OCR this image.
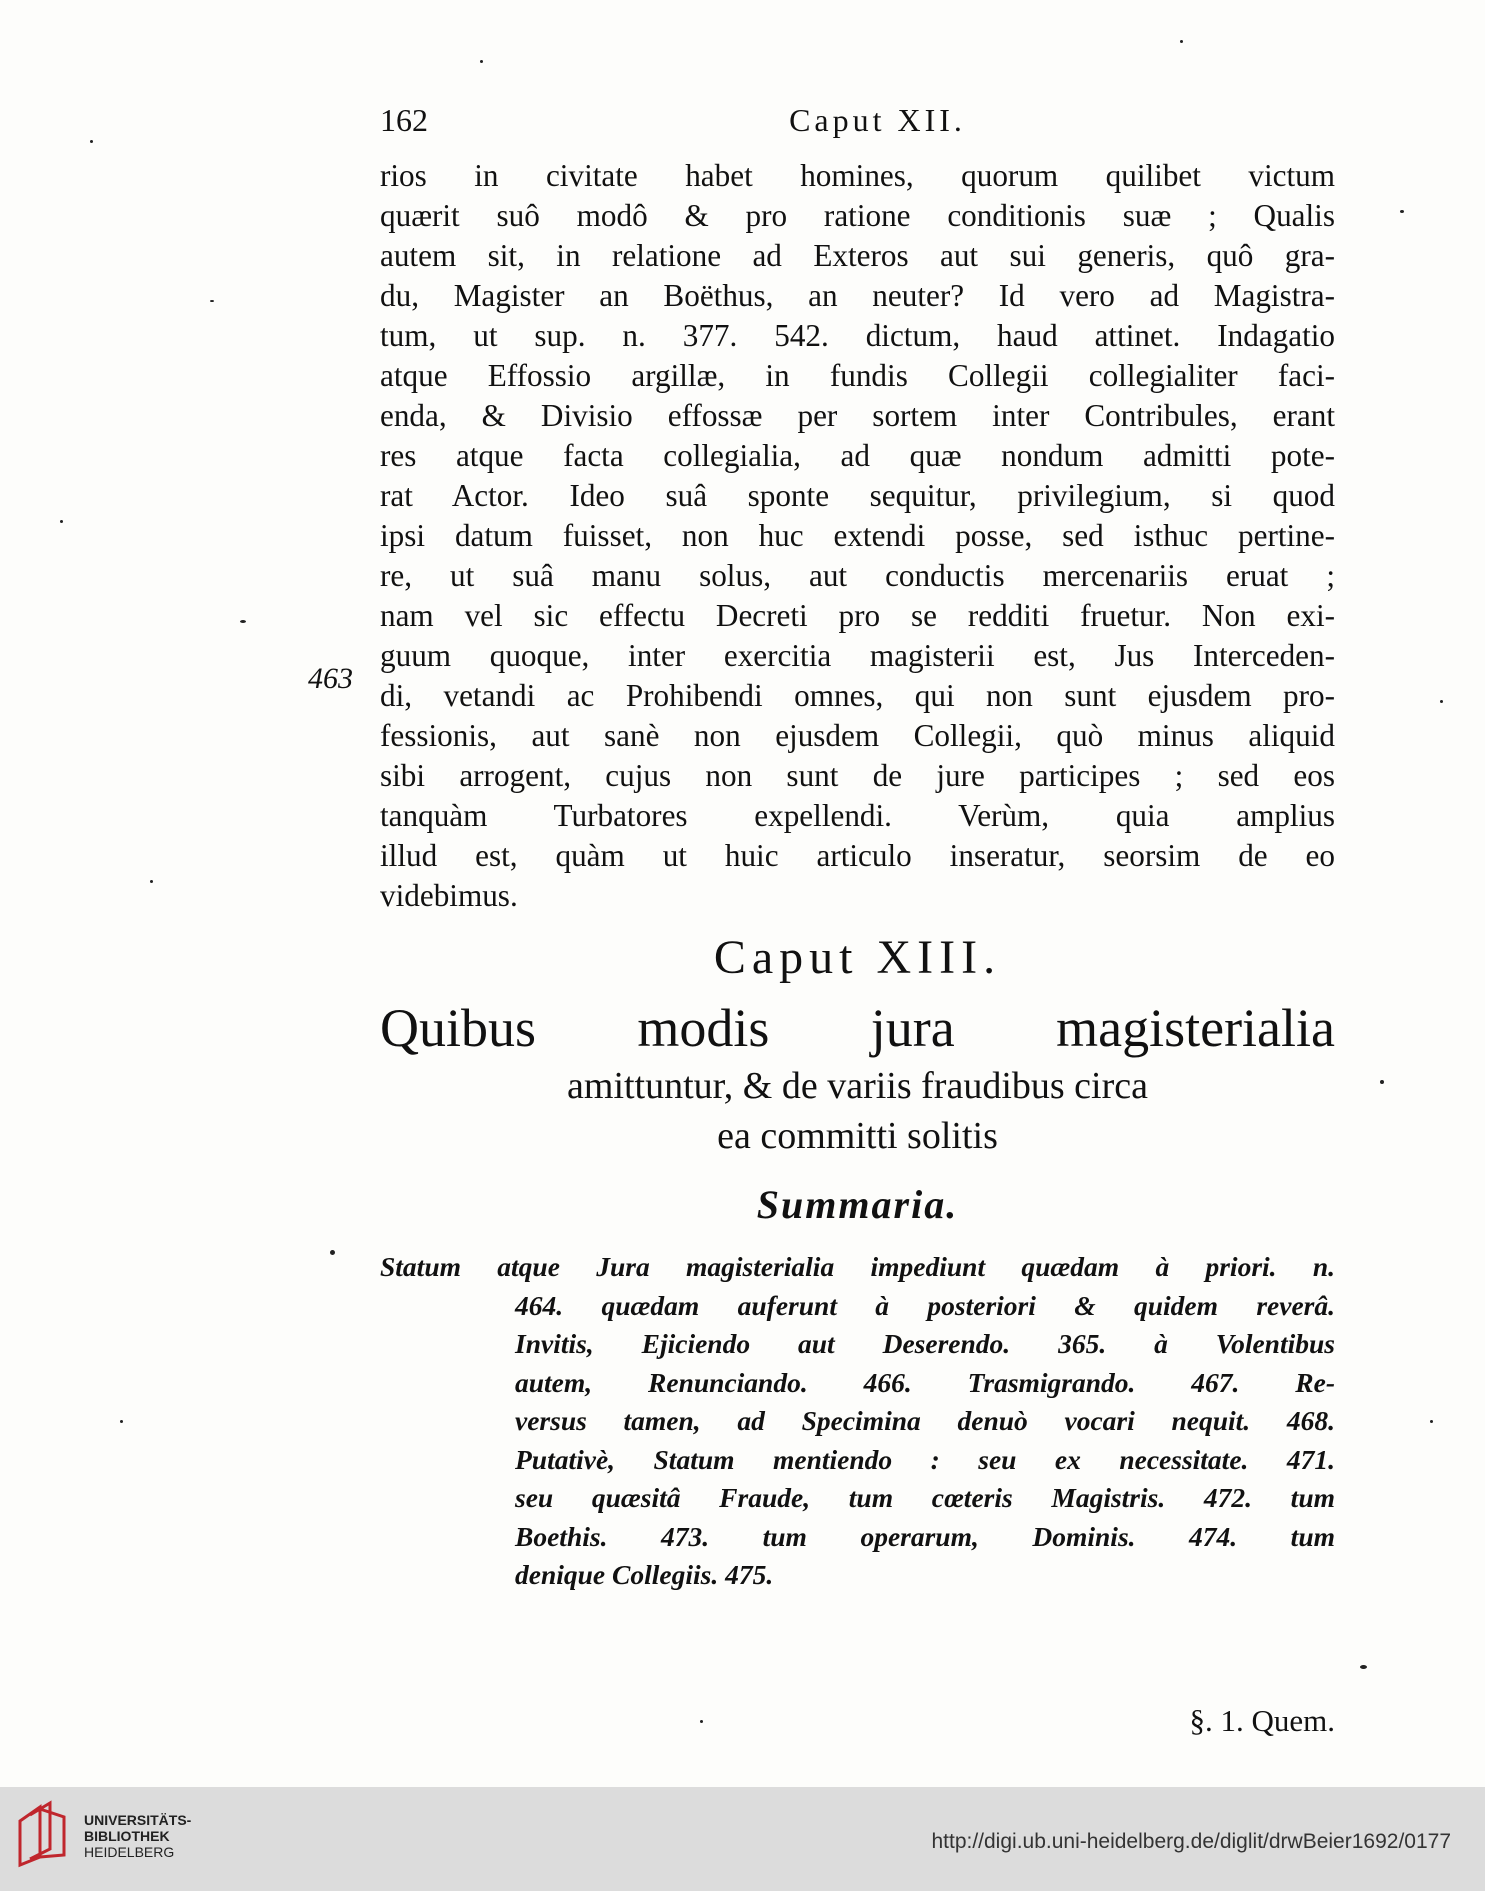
162	Caput XII.
463
rios in civitate habet homines, quorum quilibet victum
quærit suô modô & pro ratione conditionis suæ ; Qualis
autem sit, in relatione ad Exteros aut sui generis, quô gra-
du, Magister an Boëthus, an neuter? Id vero ad Magistra-
tum, ut sup. n. 377. 542. dictum, haud attinet. Indagatio
atque Effossio argillæ, in fundis Collegii collegialiter faci-
enda, & Divisio effossæ per sortem inter Contribules, erant
res atque facta collegialia, ad quæ nondum admitti pote-
rat Actor. Ideo suâ sponte sequitur, privilegium, si quod
ipsi datum fuisset, non huc extendi posse, sed isthuc pertine-
re, ut suâ manu solus, aut conductis mercenariis eruat ;
nam vel sic effectu Decreti pro se redditi fruetur. Non exi-
guum quoque, inter exercitia magisterii est, Jus Interceden-
di, vetandi ac Prohibendi omnes, qui non sunt ejusdem pro-
fessionis, aut sanè non ejusdem Collegii, quò minus aliquid
sibi arrogent, cujus non sunt de jure participes ; sed eos
tanquàm Turbatores expellendi. Verùm, quia amplius
illud est, quàm ut huic articulo inseratur, seorsim de eo
videbimus.
Caput XIII.
Quibus modis jura magisterialia
amittuntur, & de variis fraudibus circa
ea committi solitis
Summaria.
Statum atque Jura magisterialia impediunt quædam à priori. n.
464. quædam auferunt à posteriori & quidem reverâ.
Invitis, Ejiciendo aut Deserendo. 365. à Volentibus
autem, Renunciando. 466. Trasmigrando. 467. Re-
versus tamen, ad Specimina denuò vocari nequit. 468.
Putativè, Statum mentiendo : seu ex necessitate. 471.
seu quæsitâ Fraude, tum cœteris Magistris. 472. tum
Boethis. 473. tum operarum, Dominis. 474. tum
denique Collegiis. 475.
§. 1. Quem.
UNIVERSITÄTS-
BIBLIOTHEK
HEIDELBERG	http://digi.ub.uni-heidelberg.de/diglit/drwBeier1692/0177
